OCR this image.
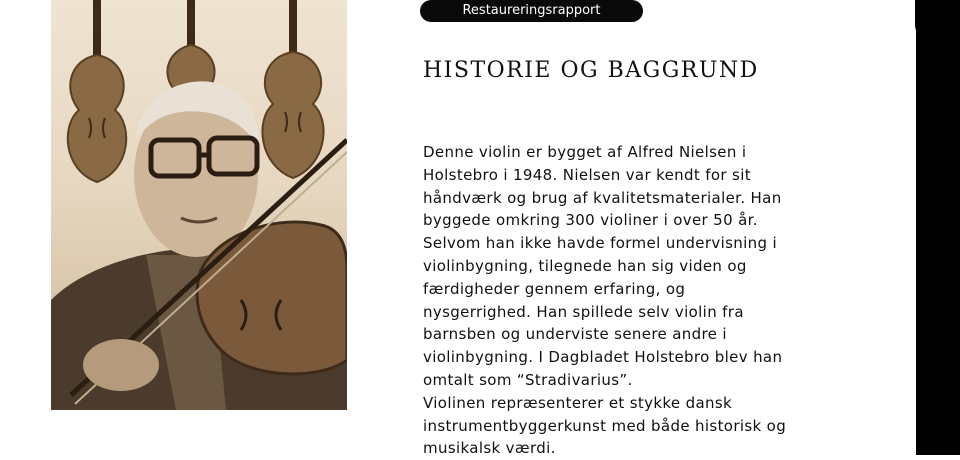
Restaureringsrapport
HISTORIE OG BAGGRUND

Denne violin er bygget af Alfred Nielsen i Holstebro i 1948. Nielsen var kendt for sit håndværk og brug af kvalitetsmaterialer. Han byggede omkring 300 violiner i over 50 år. Selvom han ikke havde formel undervisning i violinbygning, tilegnede han sig viden og færdigheder gennem erfaring, og nysgerrighed. Han spillede selv violin fra barnsben og underviste senere andre i violinbygning. I Dagbladet Holstebro blev han omtalt som “Stradivarius”.

Violinen repræsenterer et stykke dansk instrumentbyggerkunst med både historisk og musikalsk værdi.
